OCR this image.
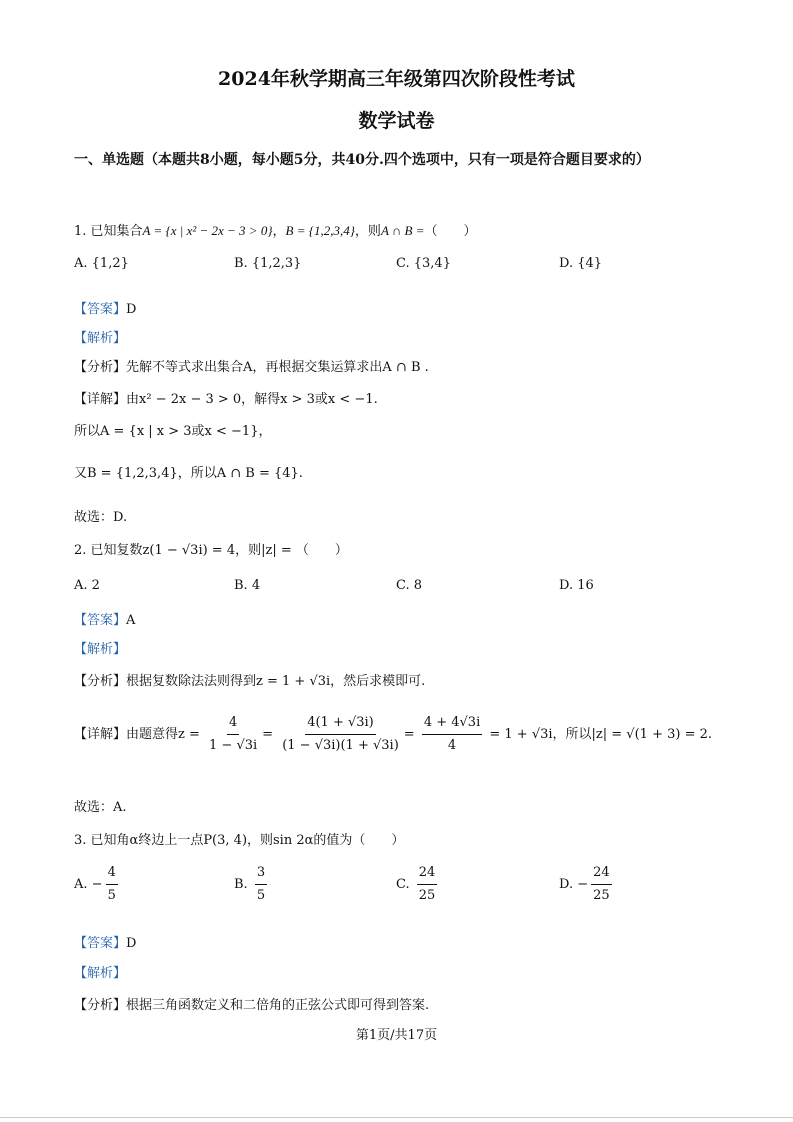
2024年秋学期高三年级第四次阶段性考试
数学试卷
一、单选题（本题共8小题，每小题5分，共40分.四个选项中，只有一项是符合题目要求的）
1. 已知集合A = {x | x² − 2x − 3 > 0}，B = {1,2,3,4}，则A ∩ B =（　　）
A. {1,2}	B. {1,2,3}	C. {3,4}	D. {4}
【答案】D
【解析】
【分析】先解不等式求出集合A，再根据交集运算求出A ∩ B .
【详解】由x² − 2x − 3 > 0，解得x > 3或x < −1.
所以A = {x | x > 3或x < −1}，
又B = {1,2,3,4}，所以A ∩ B = {4}.
故选：D.
2. 已知复数z(1 − √3i) = 4，则|z| = （　　）
A. 2	B. 4	C. 8	D. 16
【答案】A
【解析】
【分析】根据复数除法法则得到z = 1 + √3i，然后求模即可.
【详解】由题意得$z = \frac{4}{1 - √3i} = \frac{4(1 + √3i)}{(1 - √3i)(1 + √3i)} = \frac{4 + 4√3i}{4} = 1 + √3i$，所以|z| = √(1 + 3) = 2.
故选：A.
3. 已知角α终边上一点P(3, 4)，则sin 2α的值为（　　）
A. − $\frac{4}{5}$	B. $\frac{3}{5}$	C. $\frac{24}{25}$	D. − $\frac{24}{25}$
【答案】D
【解析】
【分析】根据三角函数定义和二倍角的正弦公式即可得到答案.
第1页/共17页
